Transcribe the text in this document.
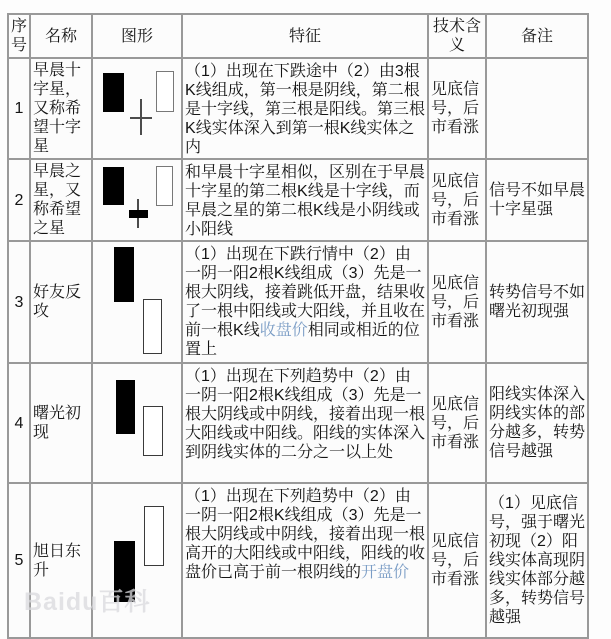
序号	名称	图形	特征	技术含义	备注
1	早晨十字星，又称希望十字星		（1）出现在下跌途中（2）由3根K线组成，第一根是阴线，第二根是十字线，第三根是阳线。第三根K线实体深入到第一根K线实体之内	见底信号，后市看涨	
2	早晨之星，又称希望之星		和早晨十字星相似，区别在于早晨十字星的第二根K线是十字线，而早晨之星的第二根K线是小阴线或小阳线	见底信号，后市看涨	信号不如早晨十字星强
3	好友反攻		（1）出现在下跌行情中（2）由一阴一阳2根K线组成（3）先是一根大阴线，接着跳低开盘，结果收了一根中阳线或大阳线，并且收在前一根K线收盘价相同或相近的位置上	见底信号，后市看涨	转势信号不如曙光初现强
4	曙光初现		（1）出现在下列趋势中（2）由一阴一阳2根K线组成（3）先是一根大阴线或中阴线，接着出现一根大阳线或中阳线。阳线的实体深入到阴线实体的二分之一以上处	见底信号，后市看涨	阳线实体深入阴线实体的部分越多，转势信号越强
5	旭日东升		（1）出现在下列趋势中（2）由一阴一阳2根K线组成（3）先是一根大阴线或中阴线，接着出现一根高开的大阳线或中阳线，阳线的收盘价已高于前一根阴线的开盘价	见底信号，后市看涨	（1）见底信号，强于曙光 初现（2）阳线实体高现阴线实体部分越多，转势信号越强
Baidu百科
